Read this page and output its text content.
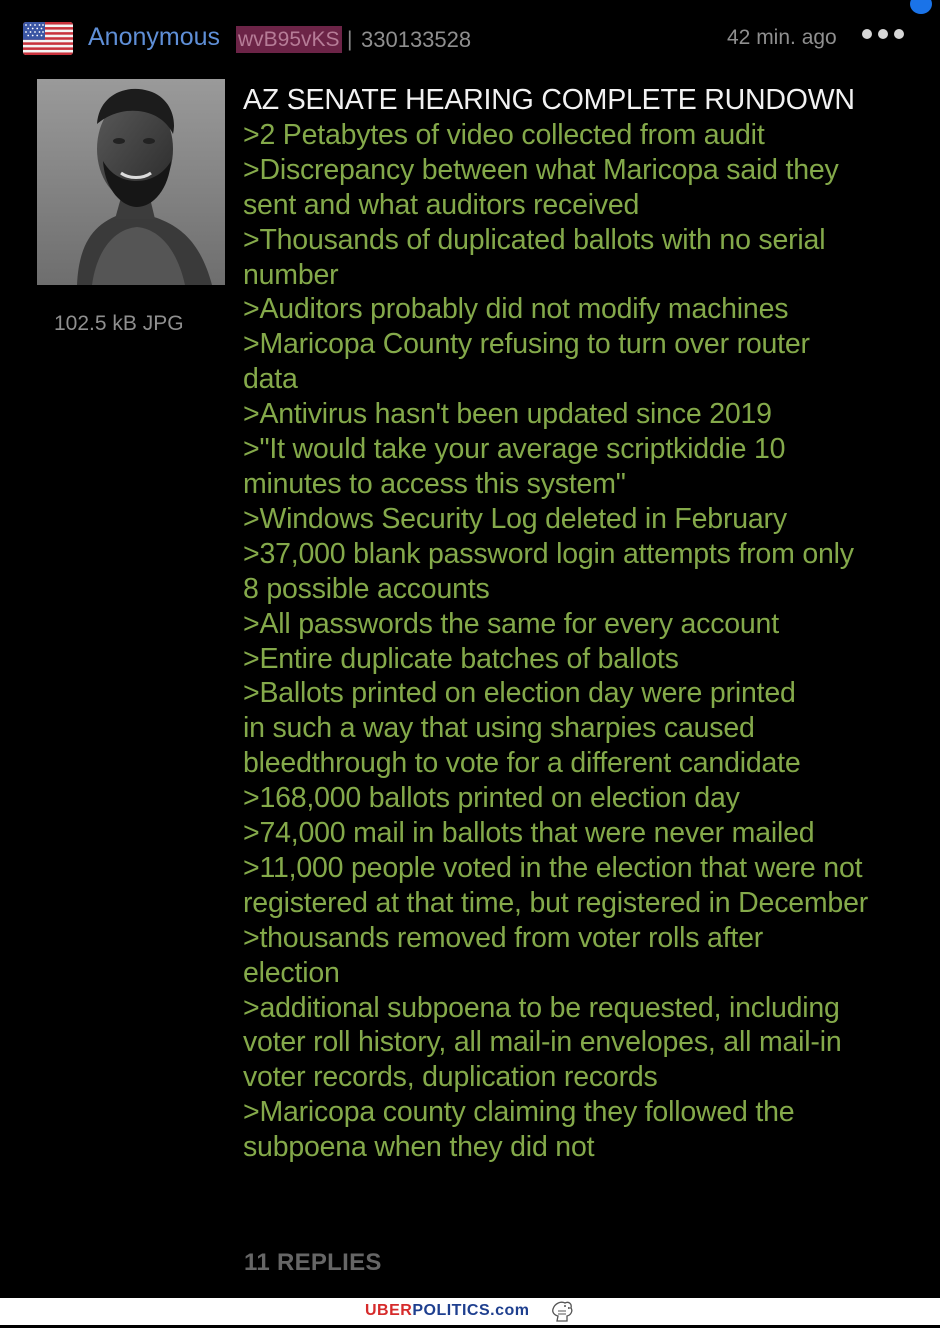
Anonymous wvB95vKS | 330133528	42 min. ago
102.5 kB JPG
AZ SENATE HEARING COMPLETE RUNDOWN
>2 Petabytes of video collected from audit
>Discrepancy between what Maricopa said they
sent and what auditors received
>Thousands of duplicated ballots with no serial
number
>Auditors probably did not modify machines
>Maricopa County refusing to turn over router
data
>Antivirus hasn't been updated since 2019
>"It would take your average scriptkiddie 10
minutes to access this system"
>Windows Security Log deleted in February
>37,000 blank password login attempts from only
8 possible accounts
>All passwords the same for every account
>Entire duplicate batches of ballots
>Ballots printed on election day were printed
in such a way that using sharpies caused
bleedthrough to vote for a different candidate
>168,000 ballots printed on election day
>74,000 mail in ballots that were never mailed
>11,000 people voted in the election that were not
registered at that time, but registered in December
>thousands removed from voter rolls after
election
>additional subpoena to be requested, including
voter roll history, all mail-in envelopes, all mail-in
voter records, duplication records
>Maricopa county claiming they followed the
subpoena when they did not
11 REPLIES
UBERPOLITICS.com
